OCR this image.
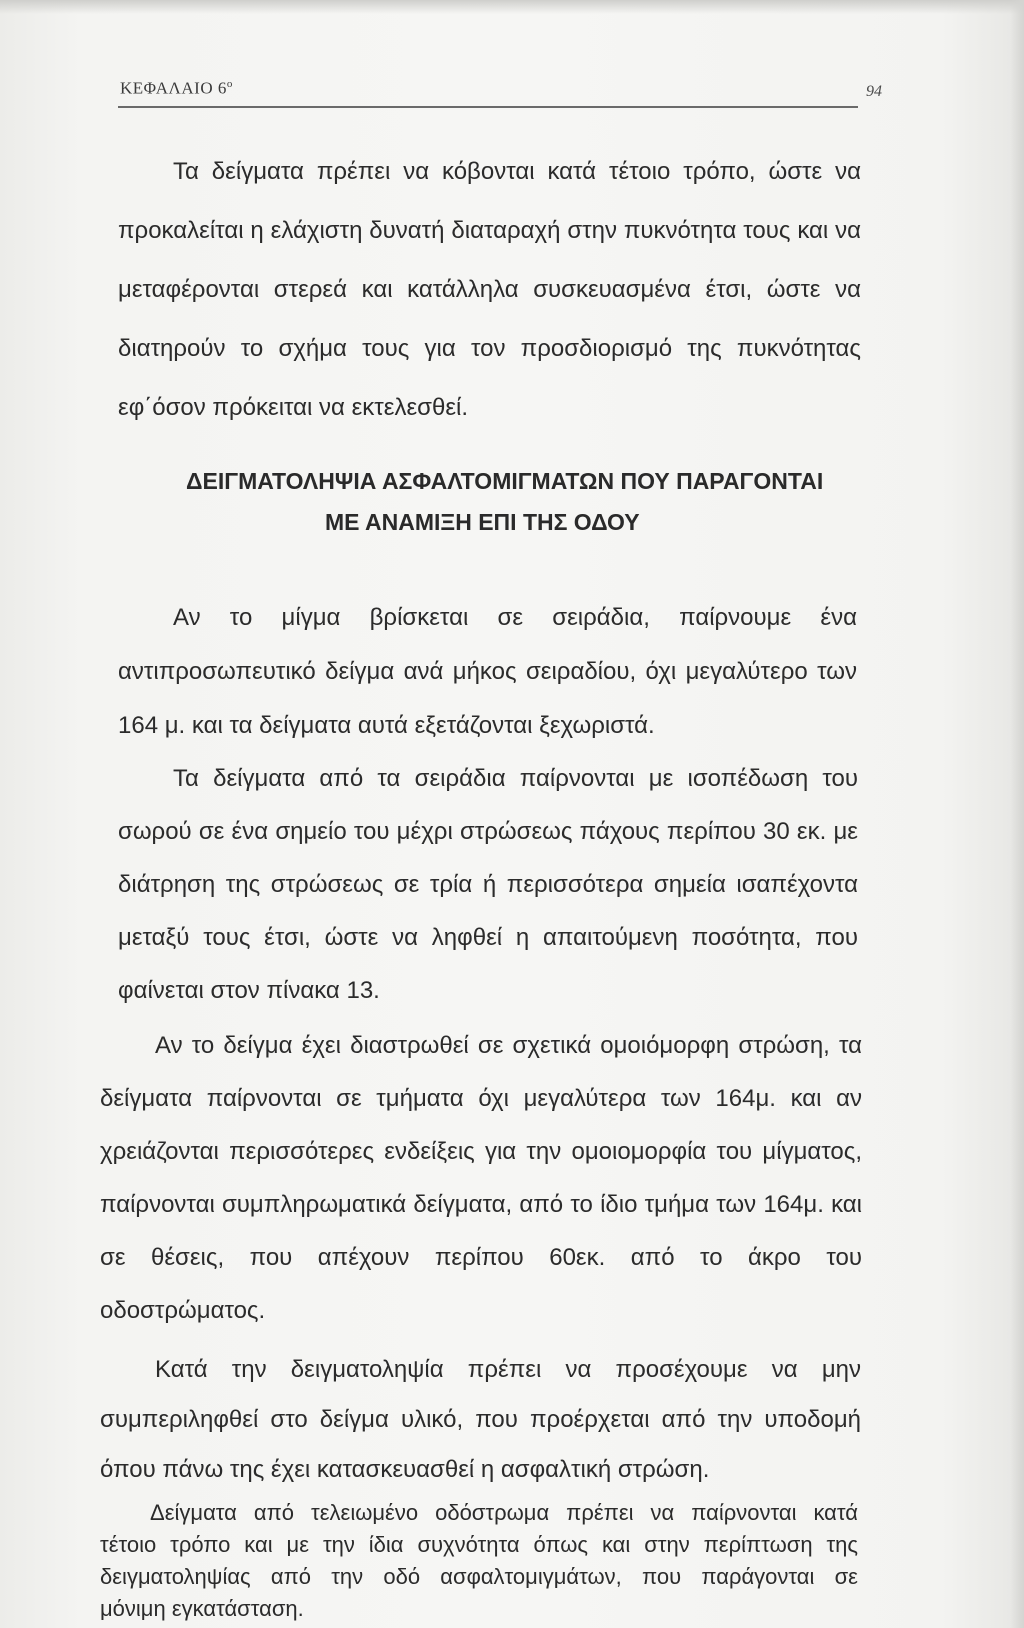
ΚΕΦΑΛΑΙΟ $6^o$	94
Τα δείγματα πρέπει να κόβονται κατά τέτοιο τρόπο, ώστε να
προκαλείται η ελάχιστη δυνατή διαταραχή στην πυκνότητα τους και να
μεταφέρονται στερεά και κατάλληλα συσκευασμένα έτσι, ώστε να
διατηρούν το σχήμα τους για τον προσδιορισμό της πυκνότητας
εφ΄όσον πρόκειται να εκτελεσθεί.
ΔΕΙΓΜΑΤΟΛΗΨΙΑ ΑΣΦΑΛΤΟΜΙΓΜΑΤΩΝ ΠΟΥ ΠΑΡΑΓΟΝΤΑΙ
ΜΕ ΑΝΑΜΙΞΗ ΕΠΙ ΤΗΣ ΟΔΟΥ
Αν το μίγμα βρίσκεται σε σειράδια, παίρνουμε ένα
αντιπροσωπευτικό δείγμα ανά μήκος σειραδίου, όχι μεγαλύτερο των
164 μ. και τα δείγματα αυτά εξετάζονται ξεχωριστά.
Τα δείγματα από τα σειράδια παίρνονται με ισοπέδωση του
σωρού σε ένα σημείο του μέχρι στρώσεως πάχους περίπου 30 εκ. με
διάτρηση της στρώσεως σε τρία ή περισσότερα σημεία ισαπέχοντα
μεταξύ τους έτσι, ώστε να ληφθεί η απαιτούμενη ποσότητα, που
φαίνεται στον πίνακα 13.
Αν το δείγμα έχει διαστρωθεί σε σχετικά ομοιόμορφη στρώση, τα
δείγματα παίρνονται σε τμήματα όχι μεγαλύτερα των 164μ. και αν
χρειάζονται περισσότερες ενδείξεις για την ομοιομορφία του μίγματος,
παίρνονται συμπληρωματικά δείγματα, από το ίδιο τμήμα των 164μ. και
σε θέσεις, που απέχουν περίπου 60εκ. από το άκρο του
οδοστρώματος.
Κατά την δειγματοληψία πρέπει να προσέχουμε να μην
συμπεριληφθεί στο δείγμα υλικό, που προέρχεται από την υποδομή
όπου πάνω της έχει κατασκευασθεί η ασφαλτική στρώση.
Δείγματα από τελειωμένο οδόστρωμα πρέπει να παίρνονται κατά
τέτοιο τρόπο και με την ίδια συχνότητα όπως και στην περίπτωση της
δειγματοληψίας από την οδό ασφαλτομιγμάτων, που παράγονται σε
μόνιμη εγκατάσταση.
